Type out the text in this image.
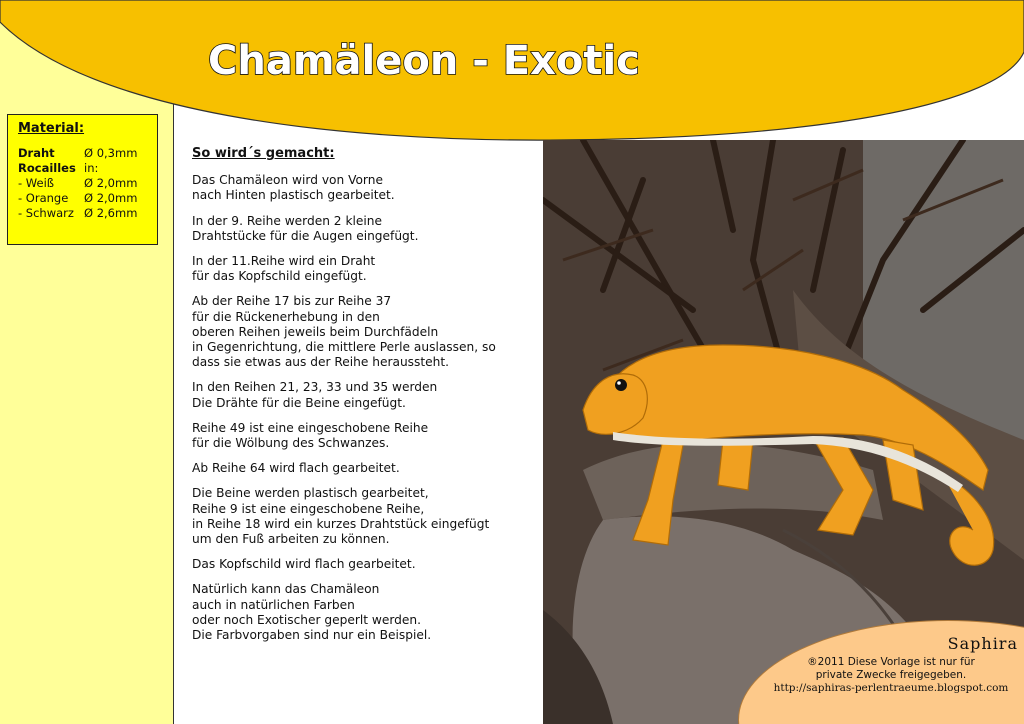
Chamäleon - Exotic
Material:
Draht	Ø 0,3mm
Rocailles in:
- Weiß	Ø 2,0mm
- Orange	Ø 2,0mm
- Schwarz Ø 2,6mm
So wird´s gemacht:

Das Chamäleon wird von Vorne
nach Hinten plastisch gearbeitet.

In der 9. Reihe werden 2 kleine
Drahtstücke für die Augen eingefügt.

In der 11.Reihe wird ein Draht
für das Kopfschild eingefügt.

Ab der Reihe 17 bis zur Reihe 37
für die Rückenerhebung in den
oberen Reihen jeweils beim Durchfädeln
in Gegenrichtung, die mittlere Perle auslassen, so
dass sie etwas aus der Reihe heraussteht.

In den Reihen 21, 23, 33 und 35 werden
Die Drähte für die Beine eingefügt.

Reihe 49 ist eine eingeschobene Reihe
für die Wölbung des Schwanzes.

Ab Reihe 64 wird flach gearbeitet.

Die Beine werden plastisch gearbeitet,
Reihe 9 ist eine eingeschobene Reihe,
in Reihe 18 wird ein kurzes Drahtstück eingefügt
um den Fuß arbeiten zu können.

Das Kopfschild wird flach gearbeitet.

Natürlich kann das Chamäleon
auch in natürlichen Farben
oder noch Exotischer geperlt werden.
Die Farbvorgaben sind nur ein Beispiel.	Saphira
®2011 Diese Vorlage ist nur für
private Zwecke freigegeben.
http://saphiras-perlentraeume.blogspot.com
